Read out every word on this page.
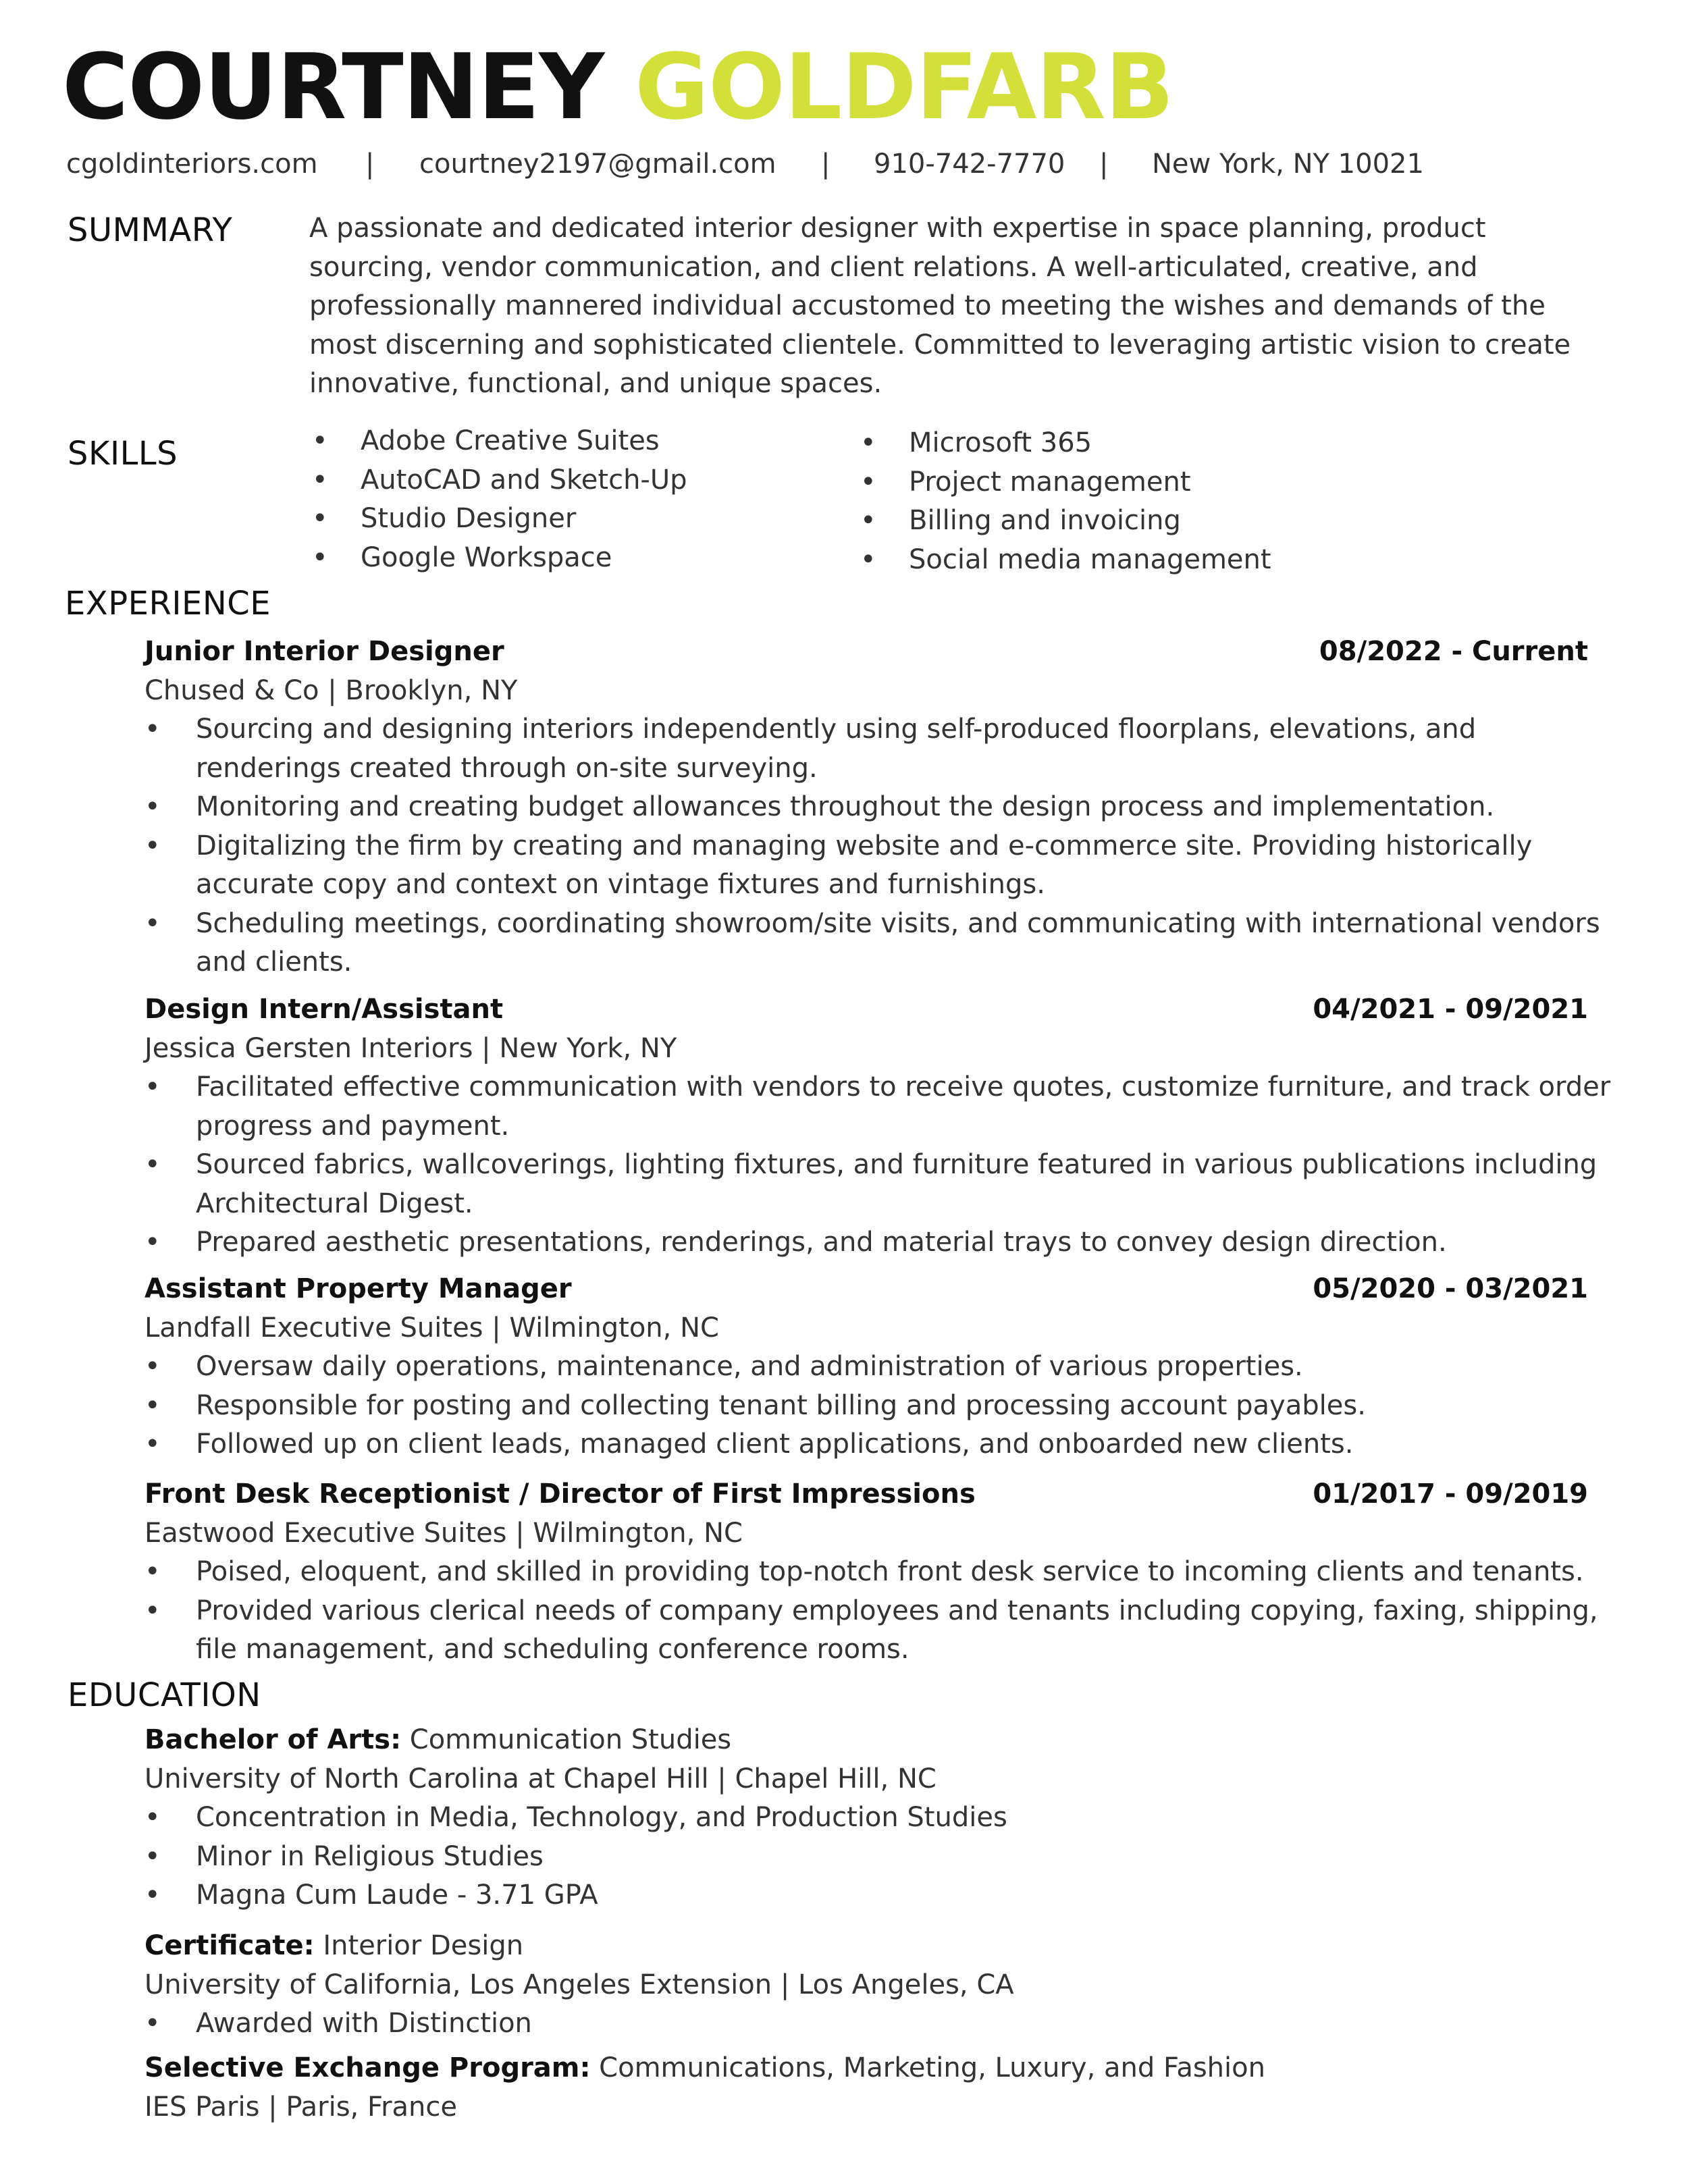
COURTNEY GOLDFARB
cgoldinteriors.com | courtney2197@gmail.com | 910-742-7770 | New York, NY 10021
SUMMARY	A passionate and dedicated interior designer with expertise in space planning, product sourcing, vendor communication, and client relations. A well-articulated, creative, and professionally mannered individual accustomed to meeting the wishes and demands of the most discerning and sophisticated clientele. Committed to leveraging artistic vision to create innovative, functional, and unique spaces.

SKILLS	• Adobe Creative Suites
• AutoCAD and Sketch-Up
• Studio Designer
• Google Workspace
• Microsoft 365
• Project management
• Billing and invoicing
• Social media management
EXPERIENCE
Junior Interior Designer	08/2022 - Current
Chused & Co | Brooklyn, NY
• Sourcing and designing interiors independently using self-produced floorplans, elevations, and renderings created through on-site surveying.
• Monitoring and creating budget allowances throughout the design process and implementation.
• Digitalizing the firm by creating and managing website and e-commerce site. Providing historically accurate copy and context on vintage fixtures and furnishings.
• Scheduling meetings, coordinating showroom/site visits, and communicating with international vendors and clients.
Design Intern/Assistant	04/2021 - 09/2021
Jessica Gersten Interiors | New York, NY
• Facilitated effective communication with vendors to receive quotes, customize furniture, and track order progress and payment.
• Sourced fabrics, wallcoverings, lighting fixtures, and furniture featured in various publications including Architectural Digest.
• Prepared aesthetic presentations, renderings, and material trays to convey design direction.
Assistant Property Manager	05/2020 - 03/2021
Landfall Executive Suites | Wilmington, NC
• Oversaw daily operations, maintenance, and administration of various properties.
• Responsible for posting and collecting tenant billing and processing account payables.
• Followed up on client leads, managed client applications, and onboarded new clients.
Front Desk Receptionist / Director of First Impressions	01/2017 - 09/2019
Eastwood Executive Suites | Wilmington, NC
• Poised, eloquent, and skilled in providing top-notch front desk service to incoming clients and tenants.
• Provided various clerical needs of company employees and tenants including copying, faxing, shipping, file management, and scheduling conference rooms.
EDUCATION
Bachelor of Arts: Communication Studies
University of North Carolina at Chapel Hill | Chapel Hill, NC
• Concentration in Media, Technology, and Production Studies
• Minor in Religious Studies
• Magna Cum Laude - 3.71 GPA
Certificate: Interior Design
University of California, Los Angeles Extension | Los Angeles, CA
• Awarded with Distinction
Selective Exchange Program: Communications, Marketing, Luxury, and Fashion
IES Paris | Paris, France
